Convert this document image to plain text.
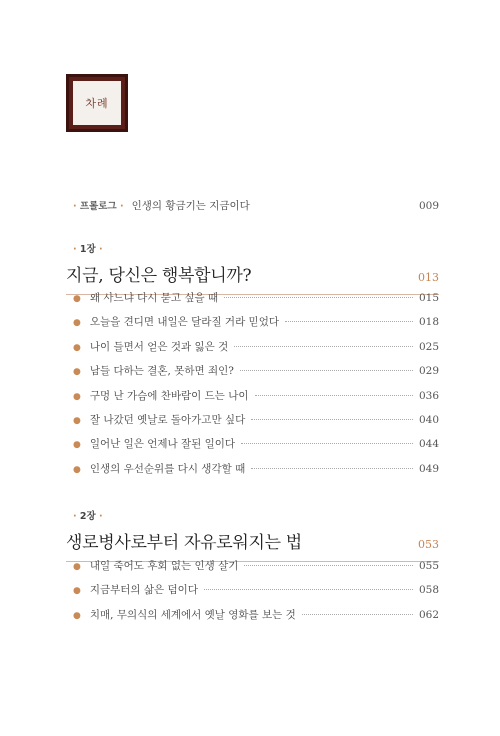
차례
· 프롤로그 · 인생의 황금기는 지금이다	009
· 1장 ·
지금, 당신은 행복합니까?	013
● 왜 사느냐 다시 묻고 싶을 때	015
● 오늘을 견디면 내일은 달라질 거라 믿었다	018
● 나이 들면서 얻은 것과 잃은 것	025
● 남들 다하는 결혼, 못하면 죄인?	029
● 구멍 난 가슴에 찬바람이 드는 나이	036
● 잘 나갔던 옛날로 돌아가고만 싶다	040
● 일어난 일은 언제나 잘된 일이다	044
● 인생의 우선순위를 다시 생각할 때	049
· 2장 ·
생로병사로부터 자유로워지는 법	053
● 내일 죽어도 후회 없는 인생 살기	055
● 지금부터의 삶은 덤이다	058
● 치매, 무의식의 세계에서 옛날 영화를 보는 것	062
